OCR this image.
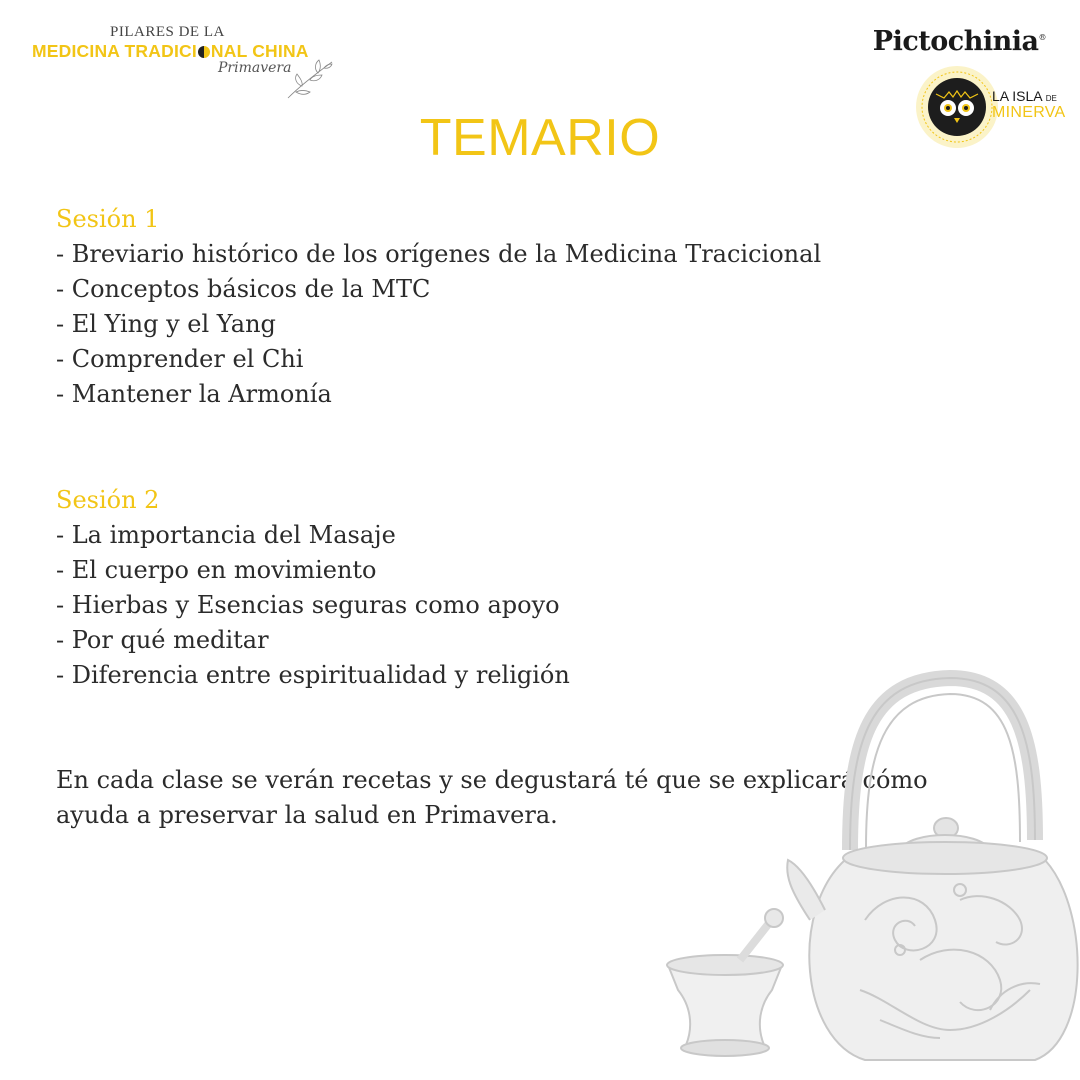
PILARES DE LA
MEDICINA TRADICI NAL CHINA
Primavera
Pictochinia®
LA ISLA DE
MINERVA
TEMARIO

Sesión 1

- Breviario histórico de los orígenes de la Medicina Tracicional

- Conceptos básicos de la MTC

- El Ying y el Yang

- Comprender el Chi

- Mantener la Armonía

Sesión 2

- La importancia del Masaje

- El cuerpo en movimiento

- Hierbas y Esencias seguras como apoyo

- Por qué meditar

- Diferencia entre espiritualidad y religión

En cada clase se verán recetas y se degustará té que se explicará cómo ayuda a preservar la salud en Primavera.
